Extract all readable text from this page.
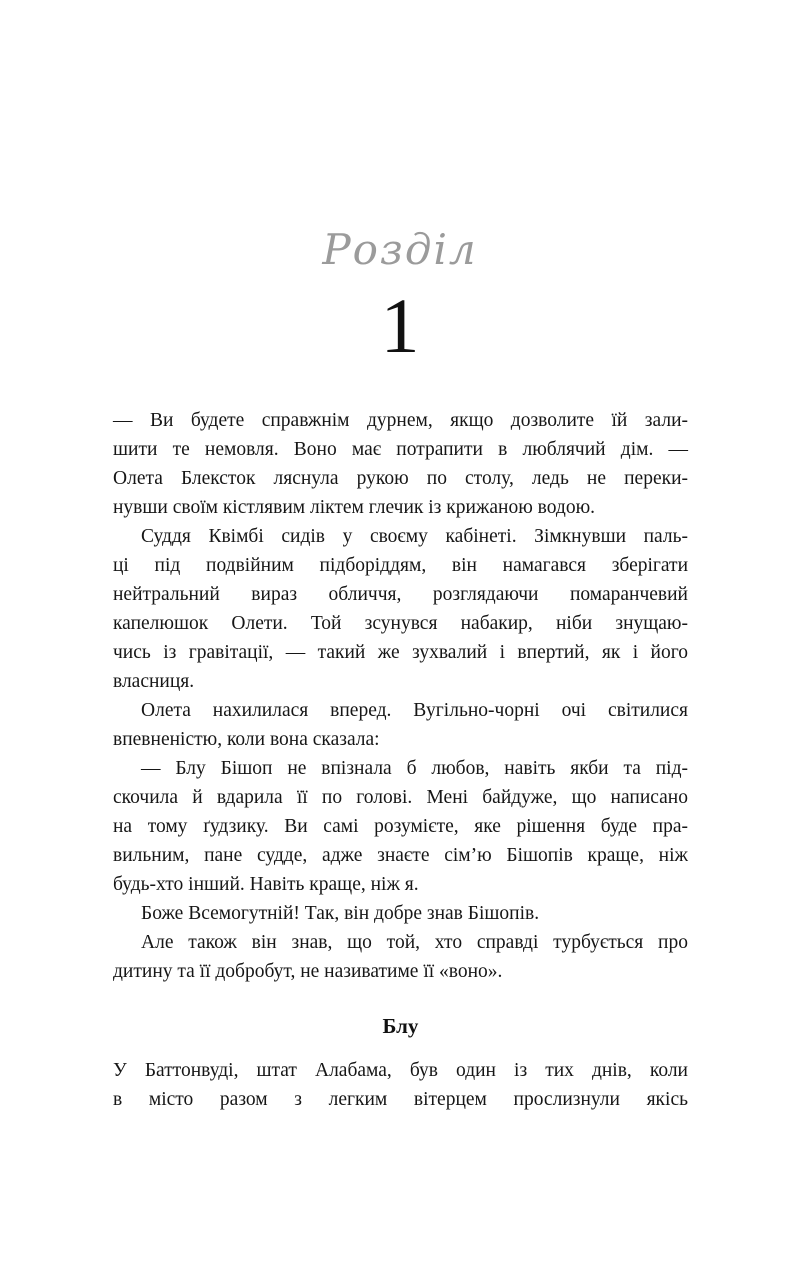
Розділ
1
— Ви будете справжнім дурнем, якщо дозволите їй зали-
шити те немовля. Воно має потрапити в люблячий дім. —
Олета Блексток ляснула рукою по столу, ледь не переки-
нувши своїм кістлявим ліктем глечик із крижаною водою.
Суддя Квімбі сидів у своєму кабінеті. Зімкнувши паль-
ці під подвійним підборіддям, він намагався зберігати
нейтральний вираз обличчя, розглядаючи помаранчевий
капелюшок Олети. Той зсунувся набакир, ніби знущаю-
чись із гравітації, — такий же зухвалий і впертий, як і його
власниця.
Олета нахилилася вперед. Вугільно-чорні очі світилися
впевненістю, коли вона сказала:
— Блу Бішоп не впізнала б любов, навіть якби та під-
скочила й вдарила її по голові. Мені байдуже, що написано
на тому ґудзику. Ви самі розумієте, яке рішення буде пра-
вильним, пане судде, адже знаєте сім’ю Бішопів краще, ніж
будь-хто інший. Навіть краще, ніж я.
Боже Всемогутній! Так, він добре знав Бішопів.
Але також він знав, що той, хто справді турбується про
дитину та її добробут, не називатиме її «воно».
Блу
У Баттонвуді, штат Алабама, був один із тих днів, коли
в місто разом з легким вітерцем прослизнули якісь
